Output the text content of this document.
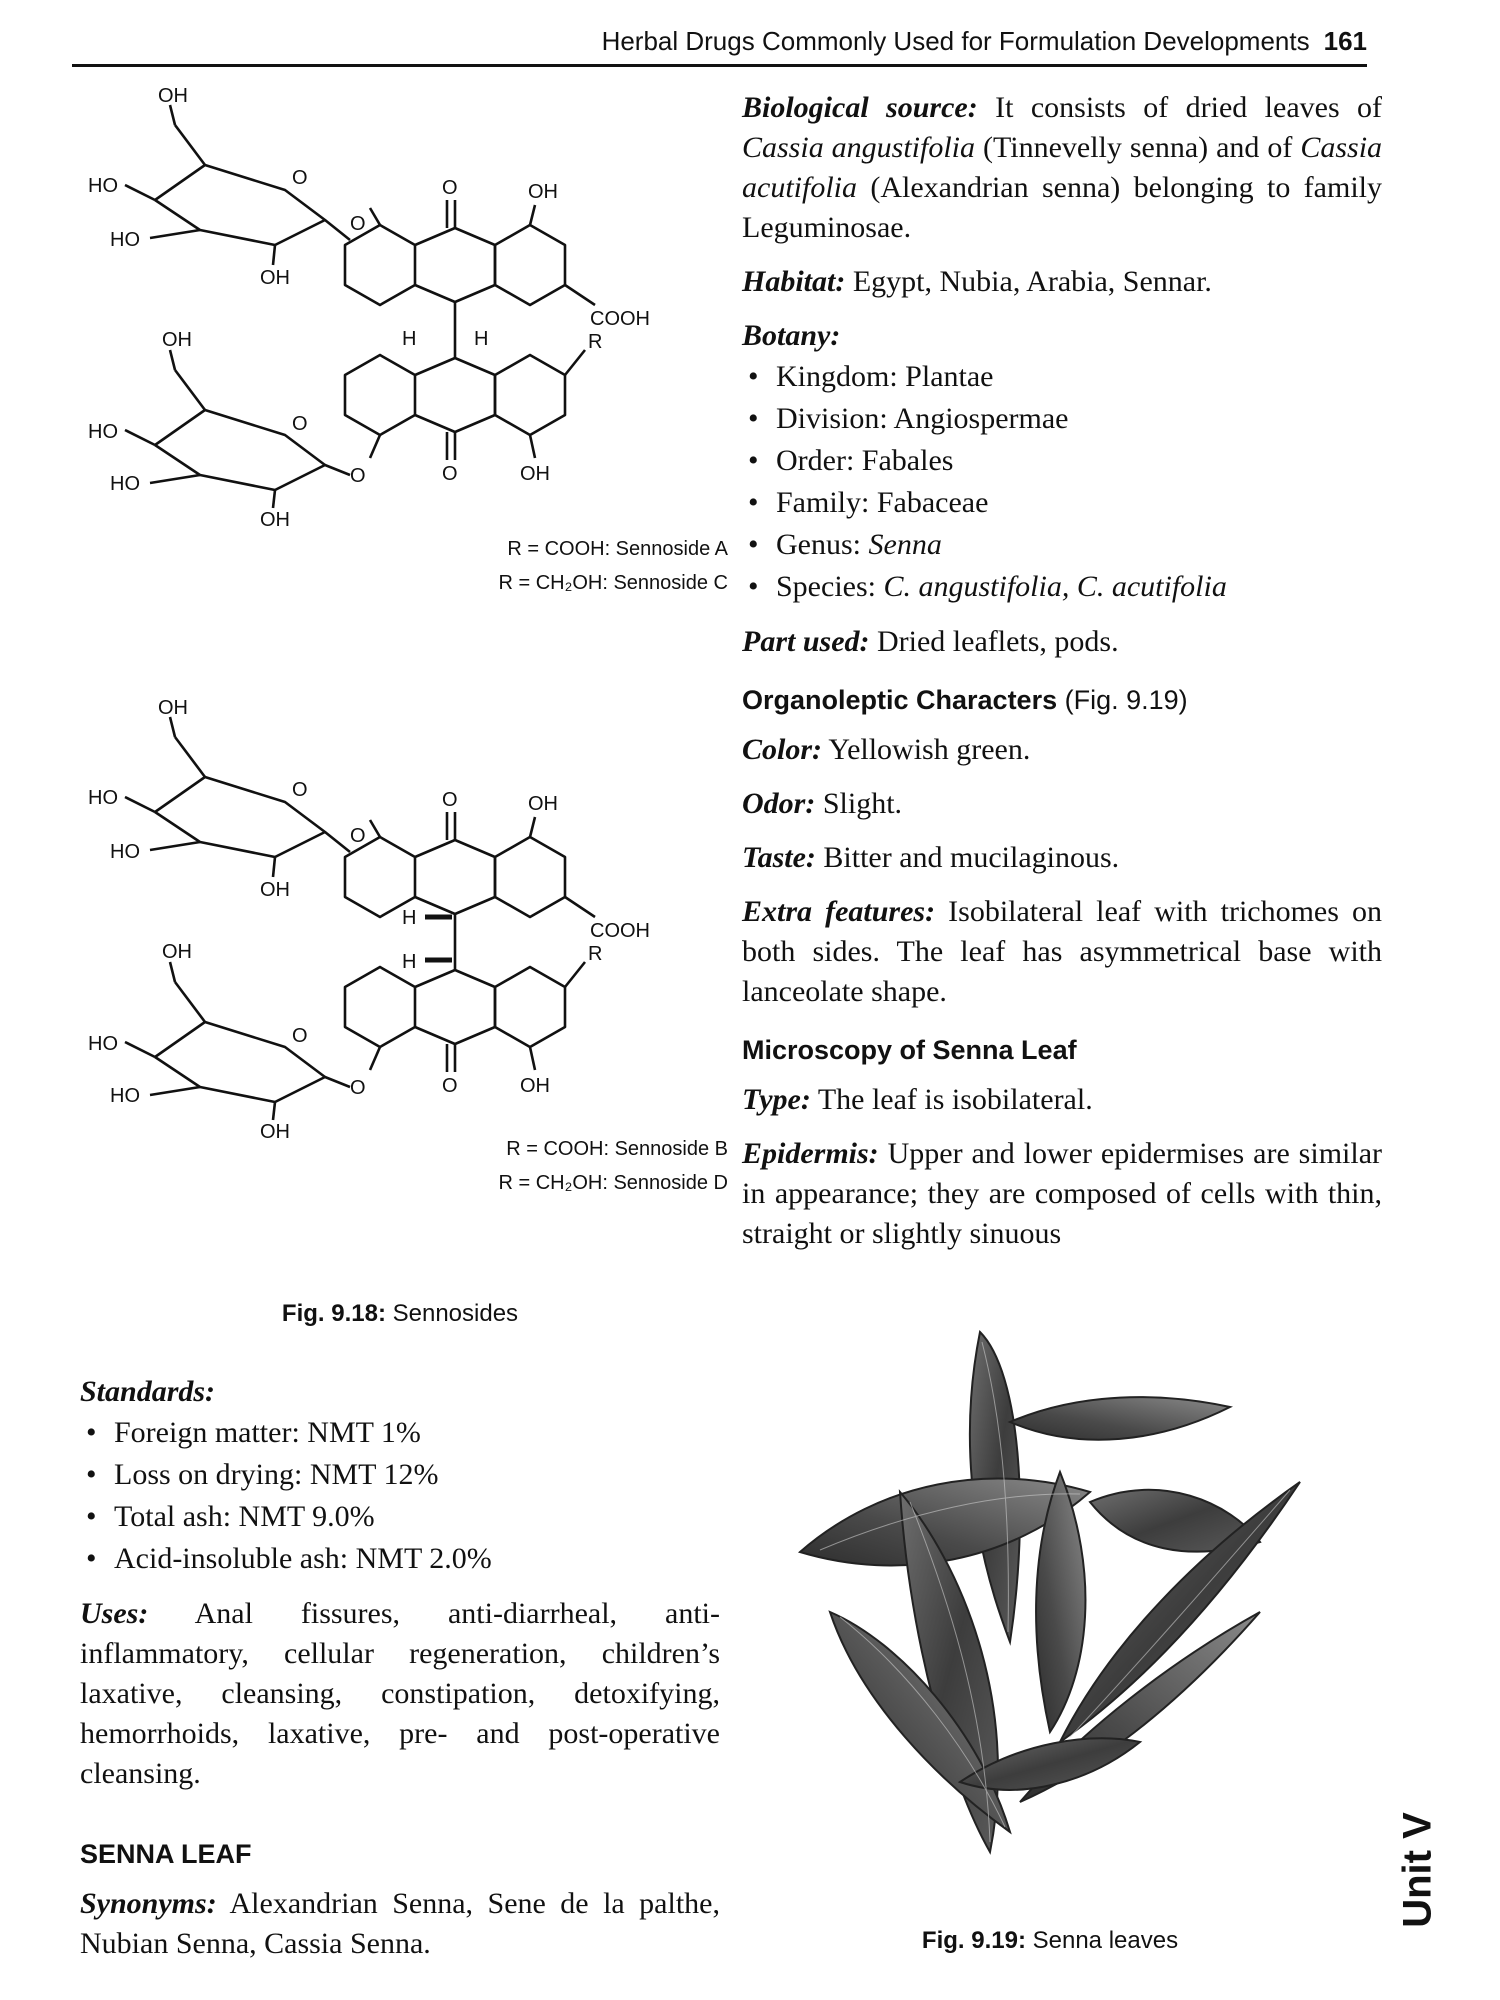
Herbal Drugs Commonly Used for Formulation Developments 161
OH
O
HO
HO
O
OH
O	OH
COOH
H	H	R
OH
O
HO
HO	O
OH
O	OH
R = COOH: Sennoside A
R = CH₂OH: Sennoside C
OH
O
HO
HO
O
OH
O	OH
COOH
H
H	R
OH
O
HO
HO	O
OH
O	OH
R = COOH: Sennoside B
R = CH₂OH: Sennoside D
Fig. 9.18: Sennosides

Biological source: It consists of dried leaves of Cassia angustifolia (Tinnevelly senna) and of Cassia acutifolia (Alexandrian senna) belonging to family Leguminosae.

Habitat: Egypt, Nubia, Arabia, Sennar.

Botany:
• Kingdom: Plantae
• Division: Angiospermae
• Order: Fabales
• Family: Fabaceae
• Genus: Senna
• Species: C. angustifolia, C. acutifolia

Part used: Dried leaflets, pods.

Organoleptic Characters (Fig. 9.19)

Color: Yellowish green.

Odor: Slight.

Taste: Bitter and mucilaginous.

Extra features: Isobilateral leaf with trichomes on both sides. The leaf has asymmetrical base with lanceolate shape.

Microscopy of Senna Leaf

Type: The leaf is isobilateral.

Epidermis: Upper and lower epidermises are similar in appearance; they are composed of cells with thin, straight or slightly sinuous

Standards:
• Foreign matter: NMT 1%
• Loss on drying: NMT 12%
• Total ash: NMT 9.0%
• Acid-insoluble ash: NMT 2.0%

Uses: Anal fissures, anti-diarrheal, anti-inflammatory, cellular regeneration, children’s laxative, cleansing, constipation, detoxifying, hemorrhoids, laxative, pre- and post-operative cleansing.

SENNA LEAF

Synonyms: Alexandrian Senna, Sene de la palthe, Nubian Senna, Cassia Senna.	Fig. 9.19: Senna leaves
Unit V
